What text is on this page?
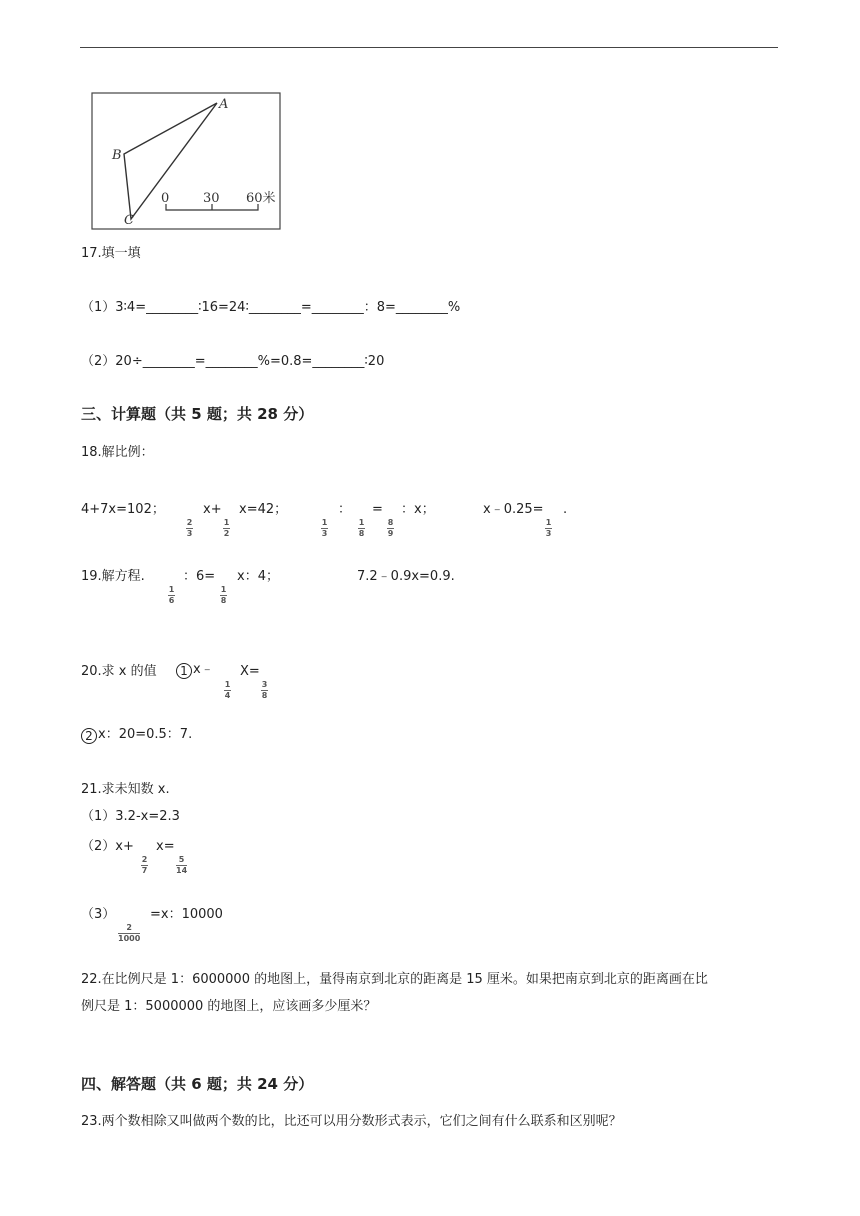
A
B
C
0	30 60米
17.填一填
（1）3∶4=________∶16=24∶________=________：8=________%
（2）20÷________=________%=0.8=________∶20
三、计算题（共 5 题；共 28 分）
18.解比例：
4+7x=102；	x+ x=42；
2
3
1
2
： = ：x；
1
3
1
8
8
9
x﹣0.25= .
1
3
19.解方程.	：6= x：4；
1
6
1
8
7.2﹣0.9x=0.9.
20.求 x 的值	1 x﹣ X=
1
4
3
8
2 x：20=0.5：7.
21.求未知数 x.
（1）3.2-x=2.3
（2）x+ x=
2
7
5
14
（3）	=x：10000
2
1000
22.在比例尺是 1：6000000 的地图上，量得南京到北京的距离是 15 厘米。如果把南京到北京的距离画在比
例尺是 1：5000000 的地图上，应该画多少厘米？
四、解答题（共 6 题；共 24 分）
23.两个数相除又叫做两个数的比，比还可以用分数形式表示，它们之间有什么联系和区别呢？
